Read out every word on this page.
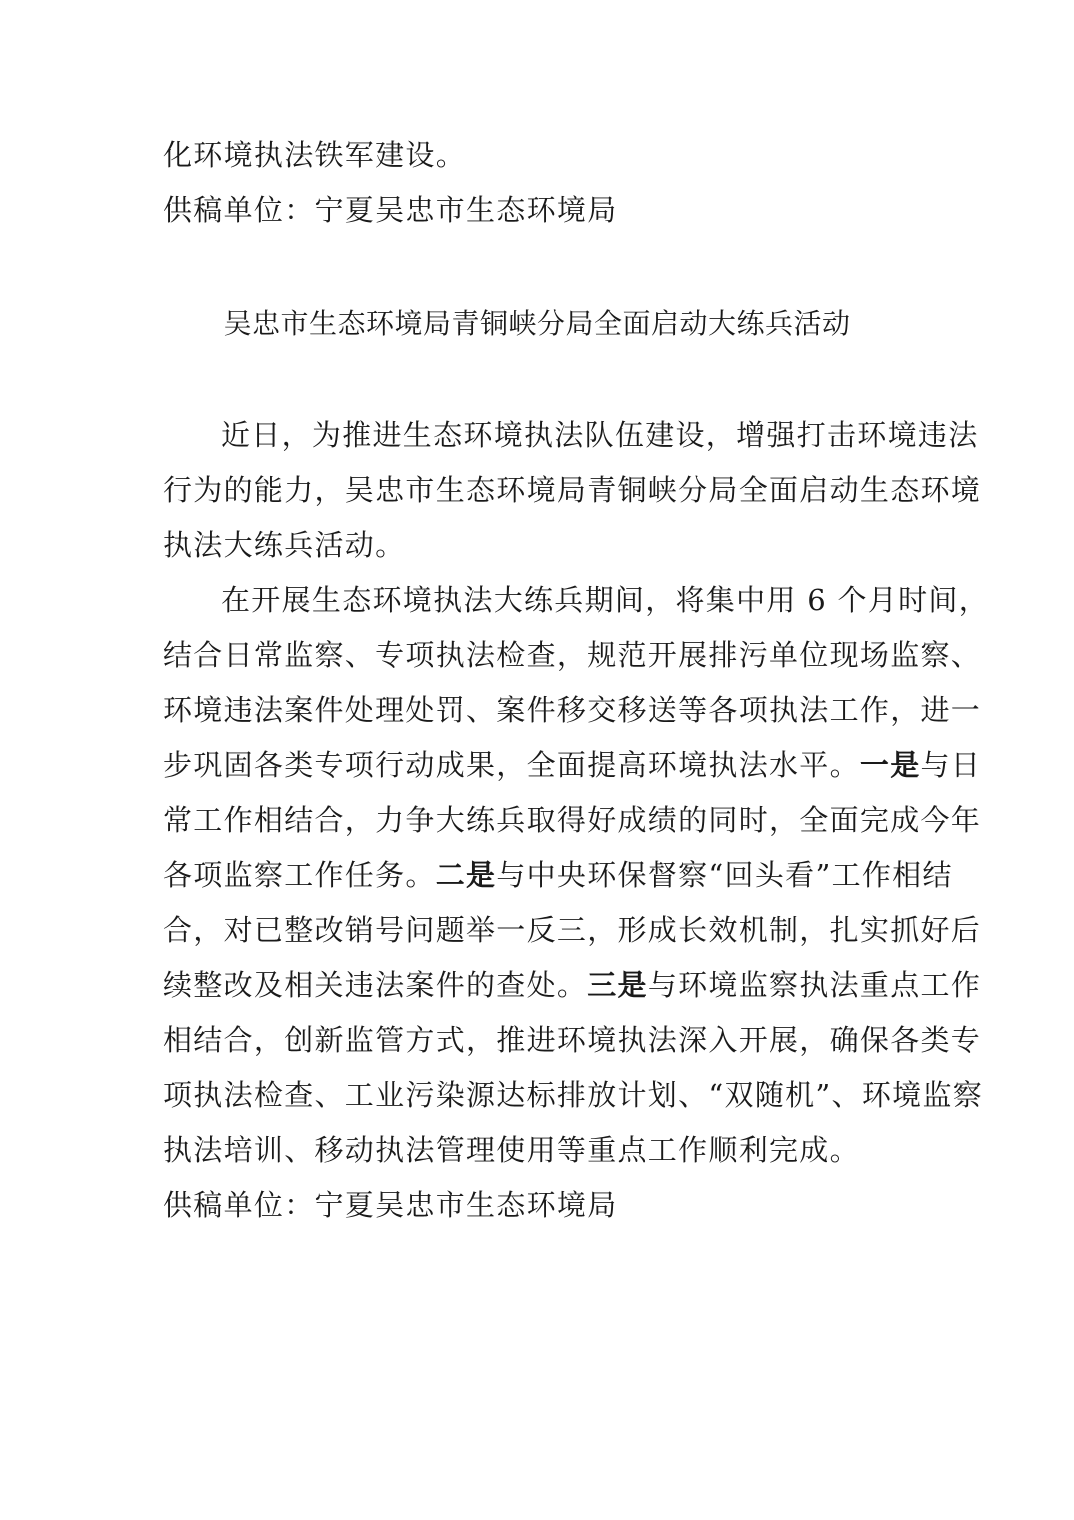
化环境执法铁军建设。
供稿单位：宁夏吴忠市生态环境局
吴忠市生态环境局青铜峡分局全面启动大练兵活动
近日，为推进生态环境执法队伍建设，增强打击环境违法
行为的能力，吴忠市生态环境局青铜峡分局全面启动生态环境
执法大练兵活动。
在开展生态环境执法大练兵期间，将集中用 6 个月时间，
结合日常监察、专项执法检查，规范开展排污单位现场监察、
环境违法案件处理处罚、案件移交移送等各项执法工作，进一
步巩固各类专项行动成果，全面提高环境执法水平。一是与日
常工作相结合，力争大练兵取得好成绩的同时，全面完成今年
各项监察工作任务。二是与中央环保督察“回头看”工作相结
合，对已整改销号问题举一反三，形成长效机制，扎实抓好后
续整改及相关违法案件的查处。三是与环境监察执法重点工作
相结合，创新监管方式，推进环境执法深入开展，确保各类专
项执法检查、工业污染源达标排放计划、“双随机”、环境监察
执法培训、移动执法管理使用等重点工作顺利完成。
供稿单位：宁夏吴忠市生态环境局
